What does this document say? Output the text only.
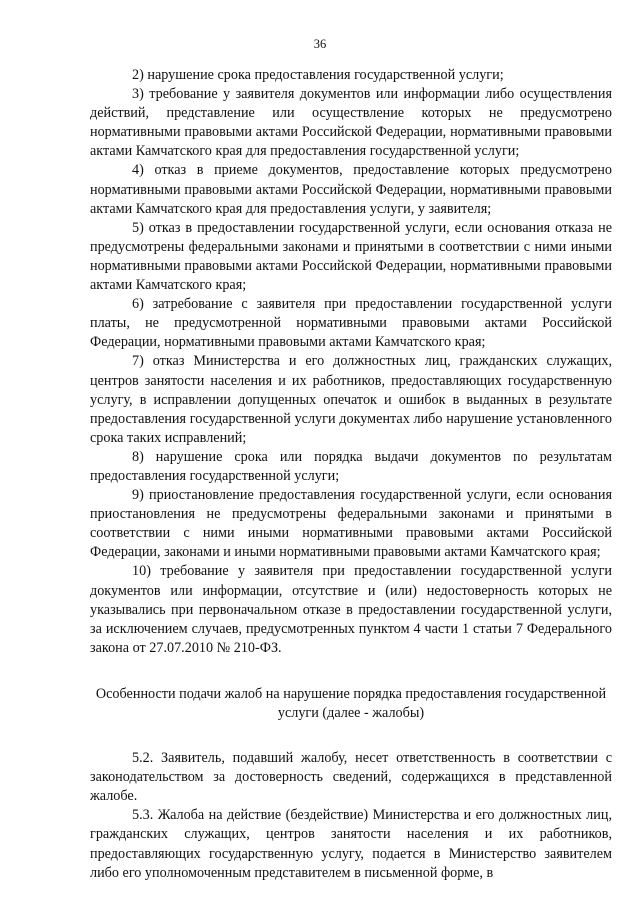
36

2) нарушение срока предоставления государственной услуги;

3) требование у заявителя документов или информации либо осуществления действий, представление или осуществление которых не предусмотрено нормативными правовыми актами Российской Федерации, нормативными правовыми актами Камчатского края для предоставления государственной услуги;

4) отказ в приеме документов, предоставление которых предусмотрено нормативными правовыми актами Российской Федерации, нормативными правовыми актами Камчатского края для предоставления услуги, у заявителя;

5) отказ в предоставлении государственной услуги, если основания отказа не предусмотрены федеральными законами и принятыми в соответствии с ними иными нормативными правовыми актами Российской Федерации, нормативными правовыми актами Камчатского края;

6) затребование с заявителя при предоставлении государственной услуги платы, не предусмотренной нормативными правовыми актами Российской Федерации, нормативными правовыми актами Камчатского края;

7) отказ Министерства и его должностных лиц, гражданских служащих, центров занятости населения и их работников, предоставляющих государственную услугу, в исправлении допущенных опечаток и ошибок в выданных в результате предоставления государственной услуги документах либо нарушение установленного срока таких исправлений;

8) нарушение срока или порядка выдачи документов по результатам предоставления государственной услуги;

9) приостановление предоставления государственной услуги, если основания приостановления не предусмотрены федеральными законами и принятыми в соответствии с ними иными нормативными правовыми актами Российской Федерации, законами и иными нормативными правовыми актами Камчатского края;

10) требование у заявителя при предоставлении государственной услуги документов или информации, отсутствие и (или) недостоверность которых не указывались при первоначальном отказе в предоставлении государственной услуги, за исключением случаев, предусмотренных пунктом 4 части 1 статьи 7 Федерального закона от 27.07.2010 № 210-ФЗ.

Особенности подачи жалоб на нарушение порядка предоставления государственной услуги (далее - жалобы)

5.2. Заявитель, подавший жалобу, несет ответственность в соответствии с законодательством за достоверность сведений, содержащихся в представленной жалобе.

5.3. Жалоба на действие (бездействие) Министерства и его должностных лиц, гражданских служащих, центров занятости населения и их работников, предоставляющих государственную услугу, подается в Министерство заявителем либо его уполномоченным представителем в письменной форме, в
